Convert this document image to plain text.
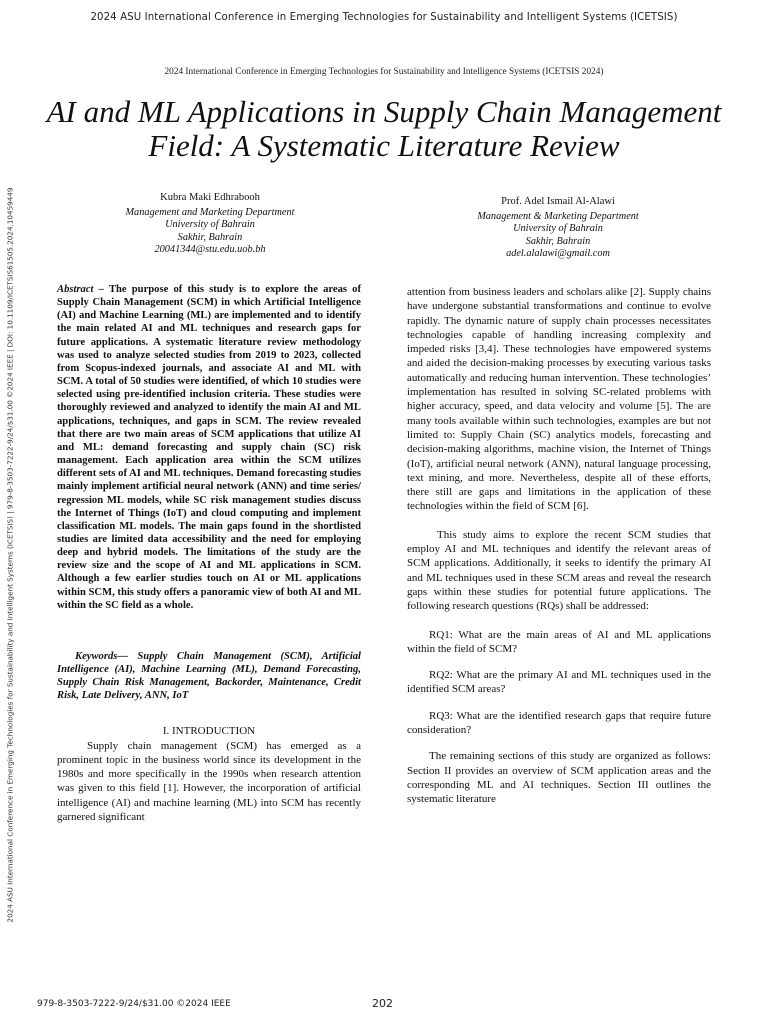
2024 ASU International Conference in Emerging Technologies for Sustainability and Intelligent Systems (ICETSIS)
2024 International Conference in Emerging Technologies for Sustainability and Intelligence Systems (ICETSIS 2024)
AI and ML Applications in Supply Chain Management Field: A Systematic Literature Review
Kubra Maki Edhrabooh
Management and Marketing Department
University of Bahrain
Sakhir, Bahrain
20041344@stu.edu.uob.bh
Prof. Adel Ismail Al-Alawi
Management & Marketing Department
University of Bahrain
Sakhir, Bahrain
adel.alalawi@gmail.com
2024 ASU International Conference in Emerging Technologies for Sustainability and Intelligent Systems (ICETSIS) | 979-8-3503-7222-9/24/$31.00 ©2024 IEEE | DOI: 10.1109/ICETSIS61505.2024.10459449	Abstract – The purpose of this study is to explore the areas of Supply Chain Management (SCM) in which Artificial Intelligence (AI) and Machine Learning (ML) are implemented and to identify the main related AI and ML techniques and research gaps for future applications. A systematic literature review methodology was used to analyze selected studies from 2019 to 2023, collected from Scopus-indexed journals, and associate AI and ML with SCM. A total of 50 studies were identified, of which 10 studies were selected using pre-identified inclusion criteria. These studies were thoroughly reviewed and analyzed to identify the main AI and ML applications, techniques, and gaps in SCM. The review revealed that there are two main areas of SCM applications that utilize AI and ML: demand forecasting and supply chain (SC) risk management. Each application area within the SCM utilizes different sets of AI and ML techniques. Demand forecasting studies mainly implement artificial neural network (ANN) and time series/ regression ML models, while SC risk management studies discuss the Internet of Things (IoT) and cloud computing and implement classification ML models. The main gaps found in the shortlisted studies are limited data accessibility and the need for employing deep and hybrid models. The limitations of the study are the review size and the scope of AI and ML applications in SCM. Although a few earlier studies touch on AI or ML applications within SCM, this study offers a panoramic view of both AI and ML within the SC field as a whole.

Keywords— Supply Chain Management (SCM), Artificial Intelligence (AI), Machine Learning (ML), Demand Forecasting, Supply Chain Risk Management, Backorder, Maintenance, Credit Risk, Late Delivery, ANN, IoT

I. INTRODUCTION

Supply chain management (SCM) has emerged as a prominent topic in the business world since its development in the 1980s and more specifically in the 1990s when research attention was given to this field [1]. However, the incorporation of artificial intelligence (AI) and machine learning (ML) into SCM has recently garnered significant

attention from business leaders and scholars alike [2]. Supply chains have undergone substantial transformations and continue to evolve rapidly. The dynamic nature of supply chain processes necessitates technologies capable of handling increasing complexity and impeded risks [3,4]. These technologies have empowered systems and aided the decision-making processes by executing various tasks automatically and reducing human intervention. These technologies’ implementation has resulted in solving SC-related problems with higher accuracy, speed, and data velocity and volume [5]. The are many tools available within such technologies, examples are but not limited to: Supply Chain (SC) analytics models, forecasting and decision-making algorithms, machine vision, the Internet of Things (IoT), artificial neural network (ANN), natural language processing, text mining, and more. Nevertheless, despite all of these efforts, there still are gaps and limitations in the application of these technologies within the field of SCM [6].

This study aims to explore the recent SCM studies that employ AI and ML techniques and identify the relevant areas of SCM applications. Additionally, it seeks to identify the primary AI and ML techniques used in these SCM areas and reveal the research gaps within these studies for potential future applications. The following research questions (RQs) shall be addressed:

RQ1: What are the main areas of AI and ML applications within the field of SCM?

RQ2: What are the primary AI and ML techniques used in the identified SCM areas?

RQ3: What are the identified research gaps that require future consideration?

The remaining sections of this study are organized as follows: Section II provides an overview of SCM application areas and the corresponding ML and AI techniques. Section III outlines the systematic literature

979-8-3503-7222-9/24/$31.00 ©2024 IEEE	202
